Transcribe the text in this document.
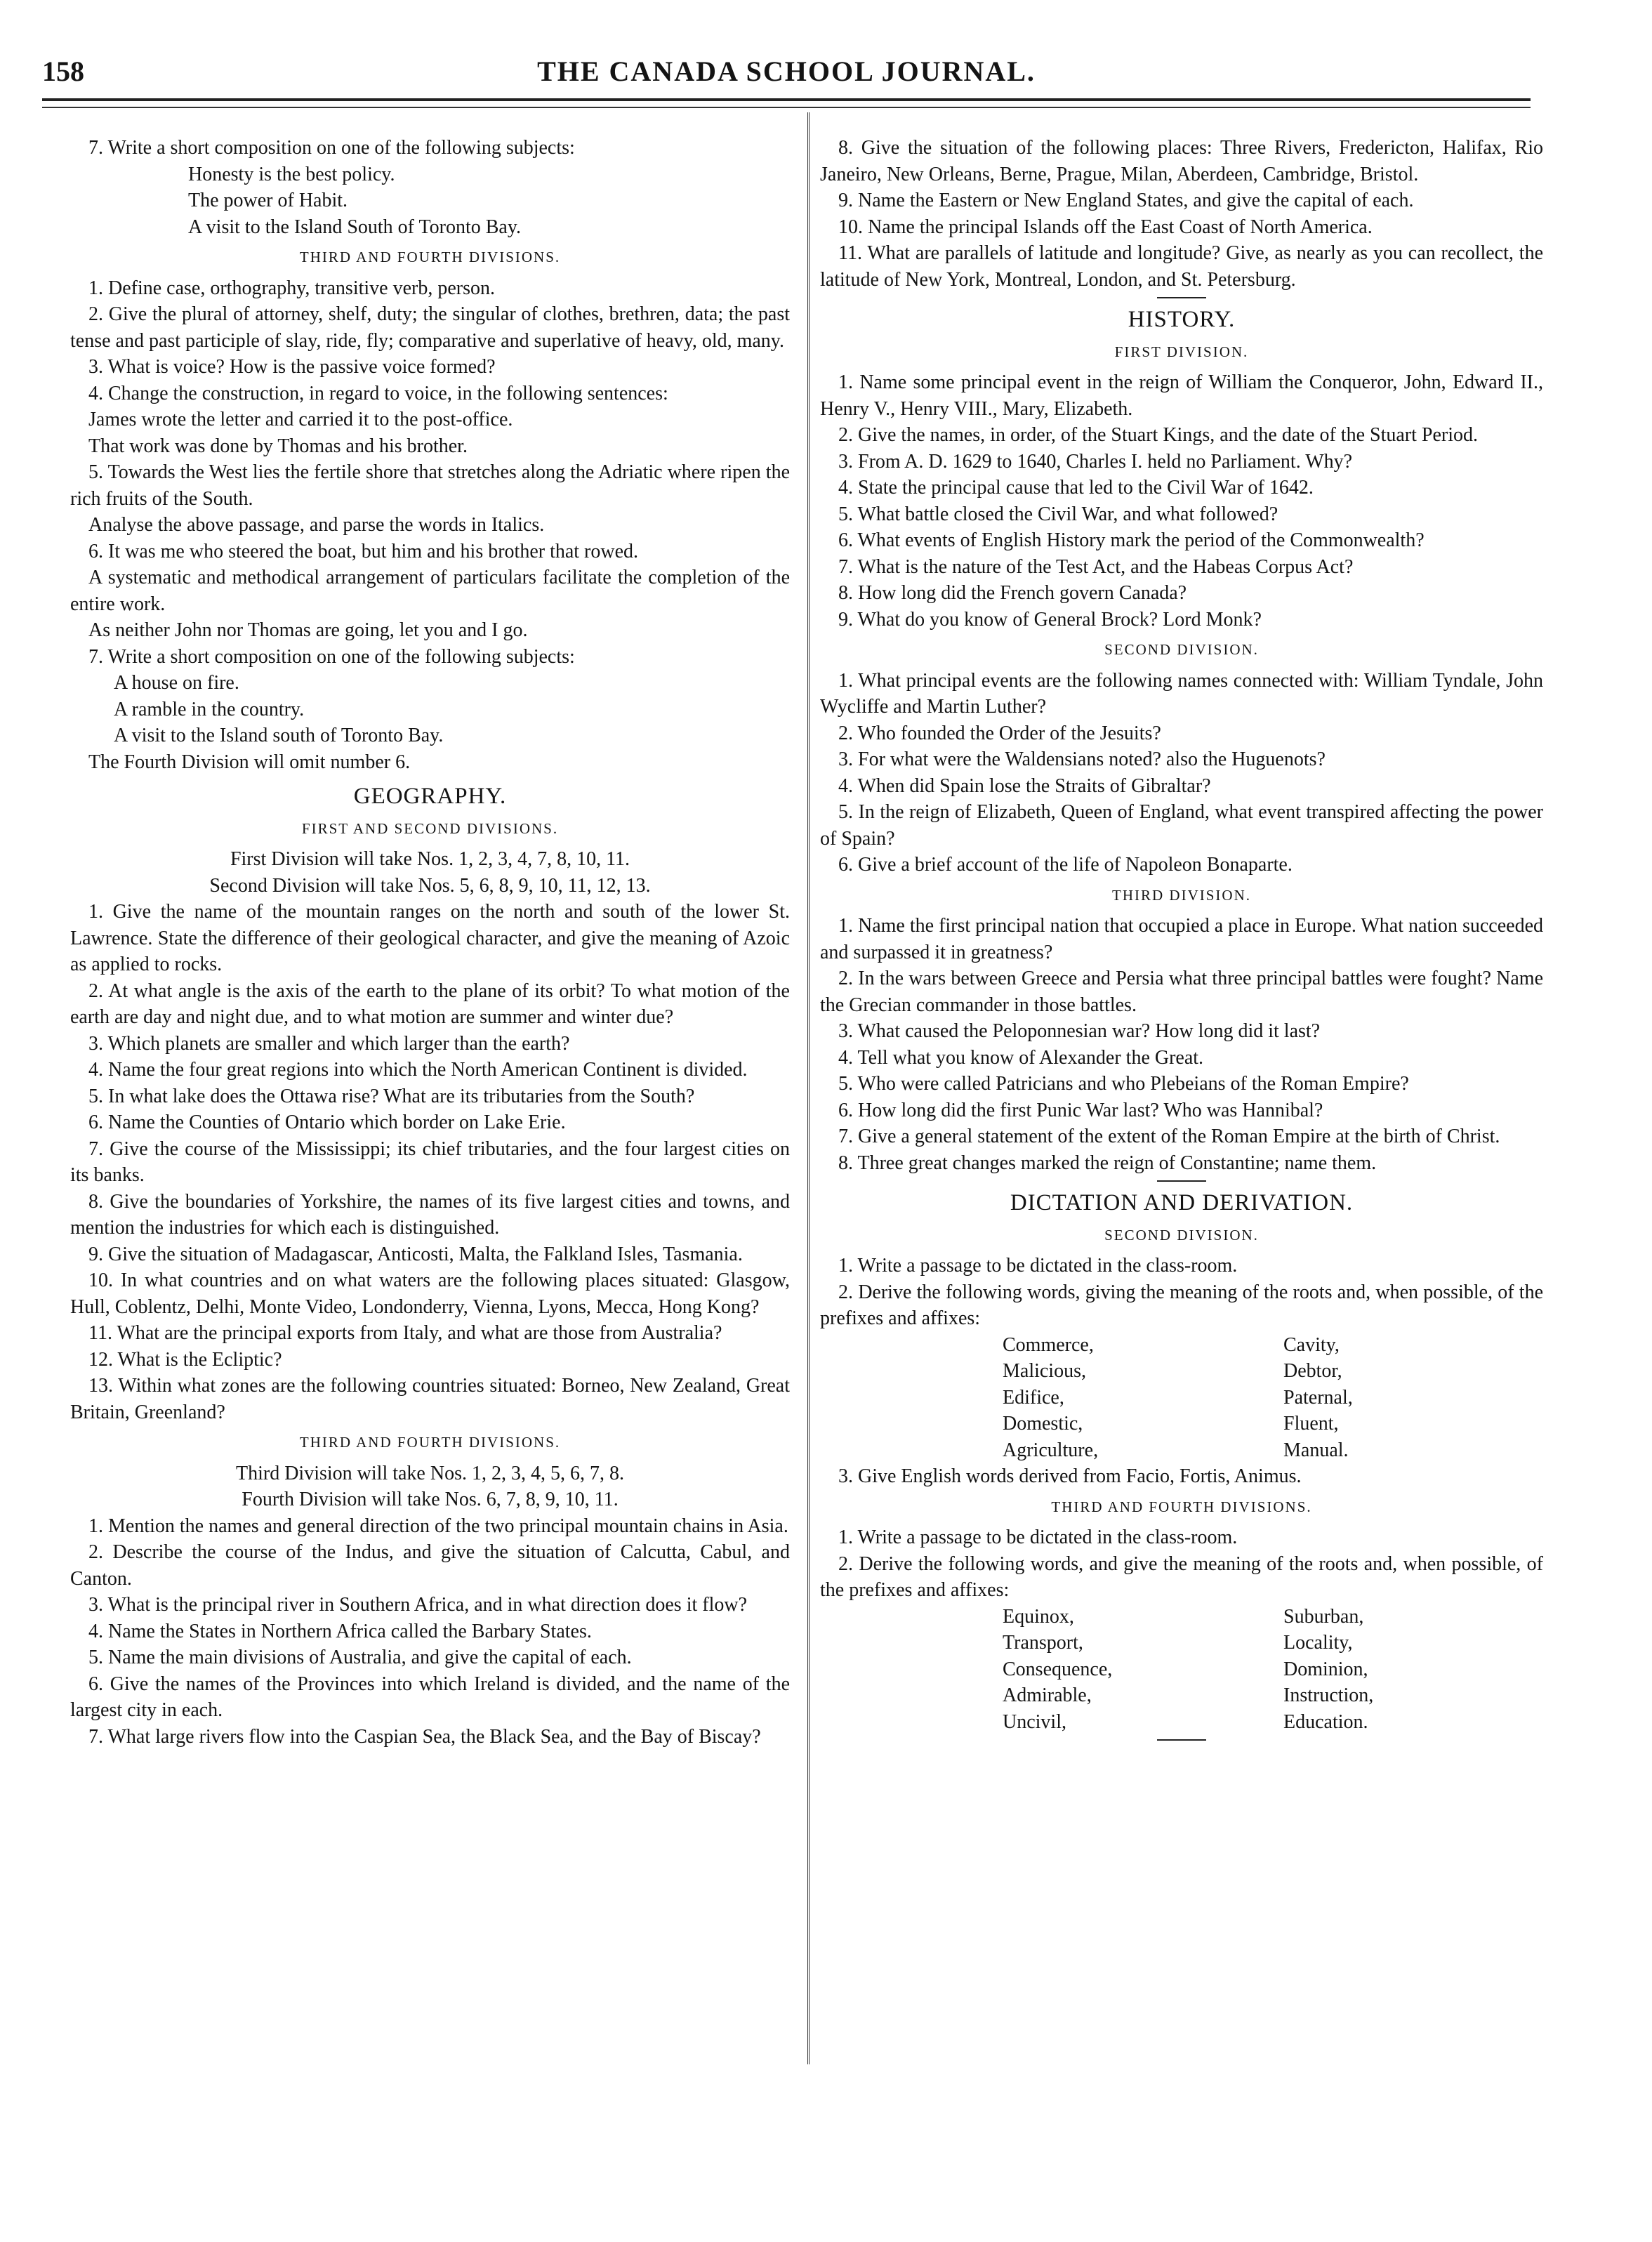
158	THE CANADA SCHOOL JOURNAL.

7. Write a short composition on one of the following subjects:

Honesty is the best policy.

The power of Habit.

A visit to the Island South of Toronto Bay.

THIRD AND FOURTH DIVISIONS.

1. Define case, orthography, transitive verb, person.

2. Give the plural of attorney, shelf, duty; the singular of clothes, brethren, data; the past tense and past participle of slay, ride, fly; comparative and superlative of heavy, old, many.

3. What is voice? How is the passive voice formed?

4. Change the construction, in regard to voice, in the following sentences:

James wrote the letter and carried it to the post-office.

That work was done by Thomas and his brother.

5. Towards the West lies the fertile shore that stretches along the Adriatic where ripen the rich fruits of the South.

Analyse the above passage, and parse the words in Italics.

6. It was me who steered the boat, but him and his brother that rowed.

A systematic and methodical arrangement of particulars facilitate the completion of the entire work.

As neither John nor Thomas are going, let you and I go.

7. Write a short composition on one of the following subjects:

A house on fire.

A ramble in the country.

A visit to the Island south of Toronto Bay.

The Fourth Division will omit number 6.

GEOGRAPHY.
FIRST AND SECOND DIVISIONS.

First Division will take Nos. 1, 2, 3, 4, 7, 8, 10, 11.

Second Division will take Nos. 5, 6, 8, 9, 10, 11, 12, 13.

1. Give the name of the mountain ranges on the north and south of the lower St. Lawrence. State the difference of their geological character, and give the meaning of Azoic as applied to rocks.

2. At what angle is the axis of the earth to the plane of its orbit? To what motion of the earth are day and night due, and to what motion are summer and winter due?

3. Which planets are smaller and which larger than the earth?

4. Name the four great regions into which the North American Continent is divided.

5. In what lake does the Ottawa rise? What are its tributaries from the South?

6. Name the Counties of Ontario which border on Lake Erie.

7. Give the course of the Mississippi; its chief tributaries, and the four largest cities on its banks.

8. Give the boundaries of Yorkshire, the names of its five largest cities and towns, and mention the industries for which each is distinguished.

9. Give the situation of Madagascar, Anticosti, Malta, the Falkland Isles, Tasmania.

10. In what countries and on what waters are the following places situated: Glasgow, Hull, Coblentz, Delhi, Monte Video, Londonderry, Vienna, Lyons, Mecca, Hong Kong?

11. What are the principal exports from Italy, and what are those from Australia?

12. What is the Ecliptic?

13. Within what zones are the following countries situated: Borneo, New Zealand, Great Britain, Greenland?

THIRD AND FOURTH DIVISIONS.

Third Division will take Nos. 1, 2, 3, 4, 5, 6, 7, 8.

Fourth Division will take Nos. 6, 7, 8, 9, 10, 11.

1. Mention the names and general direction of the two principal mountain chains in Asia.

2. Describe the course of the Indus, and give the situation of Calcutta, Cabul, and Canton.

3. What is the principal river in Southern Africa, and in what direction does it flow?

4. Name the States in Northern Africa called the Barbary States.

5. Name the main divisions of Australia, and give the capital of each.

6. Give the names of the Provinces into which Ireland is divided, and the name of the largest city in each.

7. What large rivers flow into the Caspian Sea, the Black Sea, and the Bay of Biscay?

8. Give the situation of the following places: Three Rivers, Fredericton, Halifax, Rio Janeiro, New Orleans, Berne, Prague, Milan, Aberdeen, Cambridge, Bristol.

9. Name the Eastern or New England States, and give the capital of each.

10. Name the principal Islands off the East Coast of North America.

11. What are parallels of latitude and longitude? Give, as nearly as you can recollect, the latitude of New York, Montreal, London, and St. Petersburg.

HISTORY.
FIRST DIVISION.

1. Name some principal event in the reign of William the Conqueror, John, Edward II., Henry V., Henry VIII., Mary, Elizabeth.

2. Give the names, in order, of the Stuart Kings, and the date of the Stuart Period.

3. From A. D. 1629 to 1640, Charles I. held no Parliament. Why?

4. State the principal cause that led to the Civil War of 1642.

5. What battle closed the Civil War, and what followed?

6. What events of English History mark the period of the Commonwealth?

7. What is the nature of the Test Act, and the Habeas Corpus Act?

8. How long did the French govern Canada?

9. What do you know of General Brock? Lord Monk?

SECOND DIVISION.

1. What principal events are the following names connected with: William Tyndale, John Wycliffe and Martin Luther?

2. Who founded the Order of the Jesuits?

3. For what were the Waldensians noted? also the Huguenots?

4. When did Spain lose the Straits of Gibraltar?

5. In the reign of Elizabeth, Queen of England, what event transpired affecting the power of Spain?

6. Give a brief account of the life of Napoleon Bonaparte.

THIRD DIVISION.

1. Name the first principal nation that occupied a place in Europe. What nation succeeded and surpassed it in greatness?

2. In the wars between Greece and Persia what three principal battles were fought? Name the Grecian commander in those battles.

3. What caused the Peloponnesian war? How long did it last?

4. Tell what you know of Alexander the Great.

5. Who were called Patricians and who Plebeians of the Roman Empire?

6. How long did the first Punic War last? Who was Hannibal?

7. Give a general statement of the extent of the Roman Empire at the birth of Christ.

8. Three great changes marked the reign of Constantine; name them.

DICTATION AND DERIVATION.
SECOND DIVISION.

1. Write a passage to be dictated in the class-room.

2. Derive the following words, giving the meaning of the roots and, when possible, of the prefixes and affixes:

Commerce,	Cavity,
Malicious,	Debtor,
Edifice,	Paternal,
Domestic,	Fluent,
Agriculture,	Manual.

3. Give English words derived from Facio, Fortis, Animus.

THIRD AND FOURTH DIVISIONS.

1. Write a passage to be dictated in the class-room.

2. Derive the following words, and give the meaning of the roots and, when possible, of the prefixes and affixes:

Equinox,	Suburban,
Transport,	Locality,
Consequence,	Dominion,
Admirable,	Instruction,
Uncivil,	Education.
